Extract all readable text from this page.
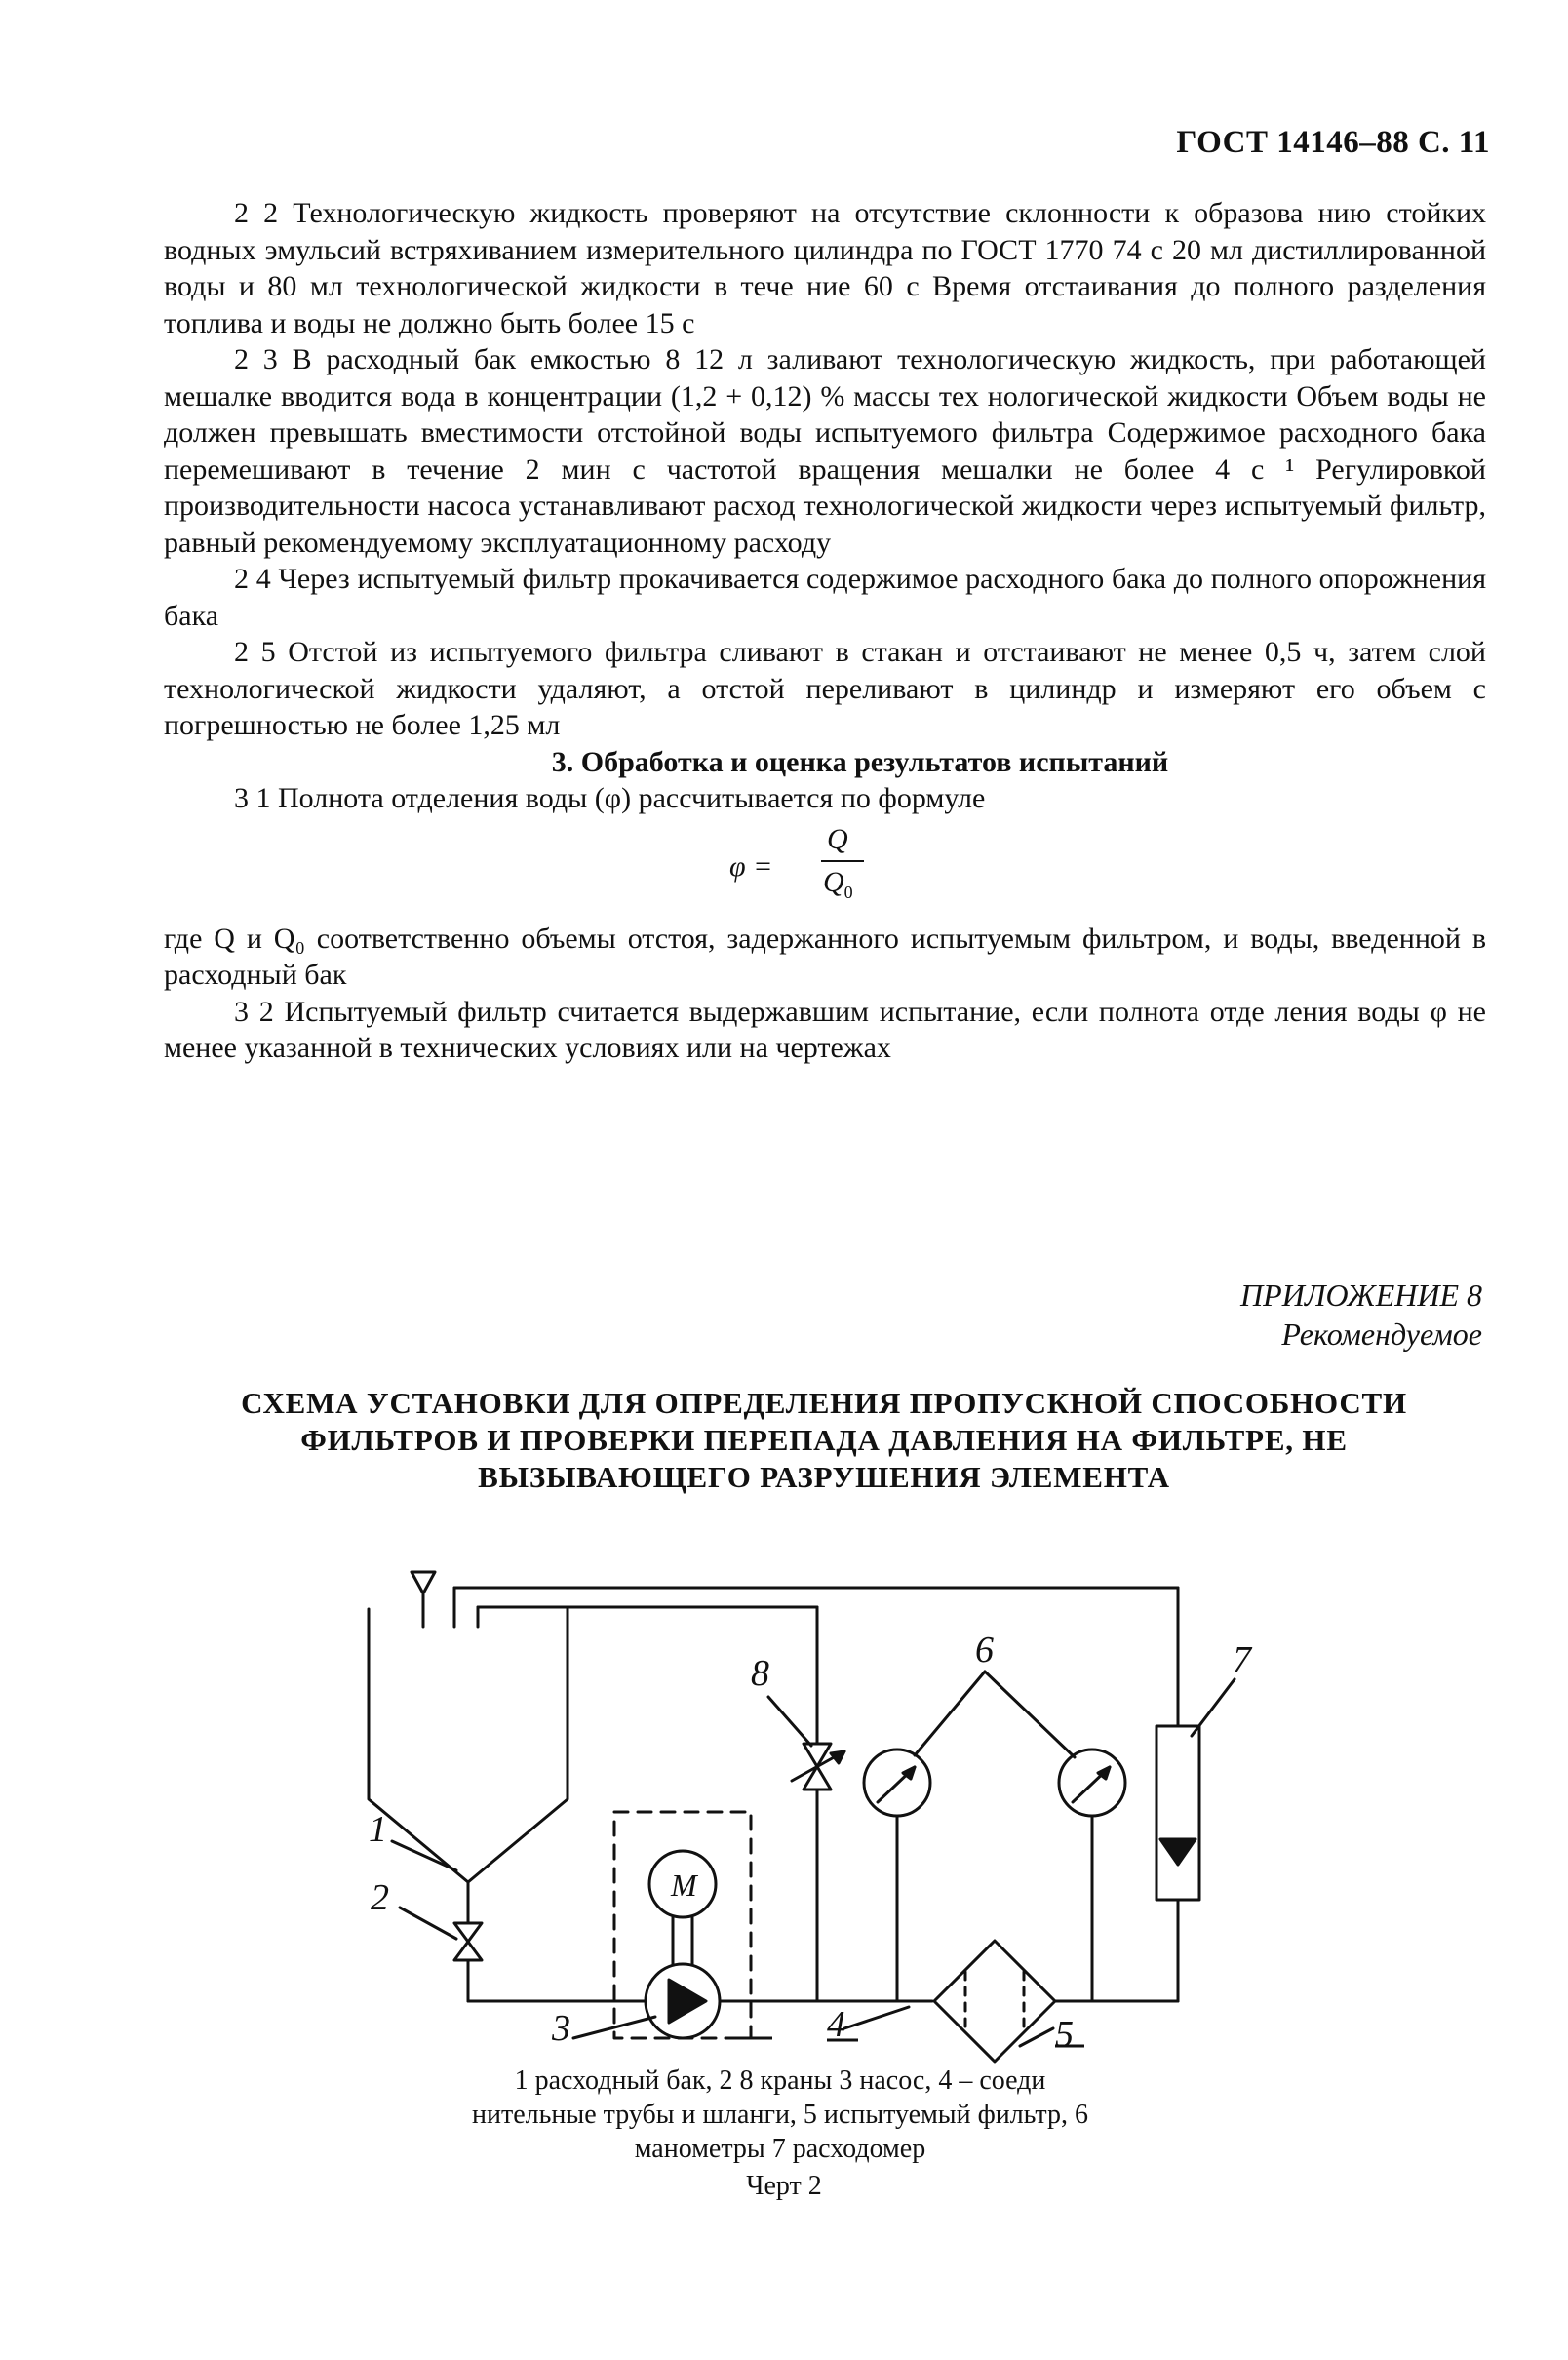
ГОСТ 14146–88 С. 11

2 2 Технологическую жидкость проверяют на отсутствие склонности к образова нию стойких водных эмульсий встряхиванием измерительного цилиндра по ГОСТ 1770 74 с 20 мл дистиллированной воды и 80 мл технологической жидкости в тече ние 60 с Время отстаивания до полного разделения топлива и воды не должно быть более 15 с

2 3 В расходный бак емкостью 8 12 л заливают технологическую жидкость, при работающей мешалке вводится вода в концентрации (1,2 + 0,12) % массы тех нологической жидкости Объем воды не должен превышать вместимости отстойной воды испытуемого фильтра Содержимое расходного бака перемешивают в течение 2 мин с частотой вращения мешалки не более 4 с ¹ Регулировкой производительности насоса устанавливают расход технологической жидкости через испытуемый фильтр, равный рекомендуемому эксплуатационному расходу

2 4 Через испытуемый фильтр прокачивается содержимое расходного бака до полного опорожнения бака

2 5 Отстой из испытуемого фильтра сливают в стакан и отстаивают не менее 0,5 ч, затем слой технологической жидкости удаляют, а отстой переливают в цилиндр и измеряют его объем с погрешностью не более 1,25 мл

3. Обработка и оценка результатов испытаний

3 1 Полнота отделения воды (φ) рассчитывается по формуле

φ =
Q
$Q_0$

где Q и Q₀ соответственно объемы отстоя, задержанного испытуемым фильтром, и воды, введенной в расходный бак

3 2 Испытуемый фильтр считается выдержавшим испытание, если полнота отде ления воды φ не менее указанной в технических условиях или на чертежах

ПРИЛОЖЕНИЕ 8
Рекомендуемое
СХЕМА УСТАНОВКИ ДЛЯ ОПРЕДЕЛЕНИЯ ПРОПУСКНОЙ СПОСОБНОСТИ
ФИЛЬТРОВ И ПРОВЕРКИ ПЕРЕПАДА ДАВЛЕНИЯ НА ФИЛЬТРЕ, НЕ
ВЫЗЫВАЮЩЕГО РАЗРУШЕНИЯ ЭЛЕМЕНТА
1
2
3	4	5
6	7
8
М
1 расходный бак, 2 8 краны 3 насос, 4 – соеди
нительные трубы и шланги, 5 испытуемый фильтр, 6
манометры 7 расходомер
Черт 2
